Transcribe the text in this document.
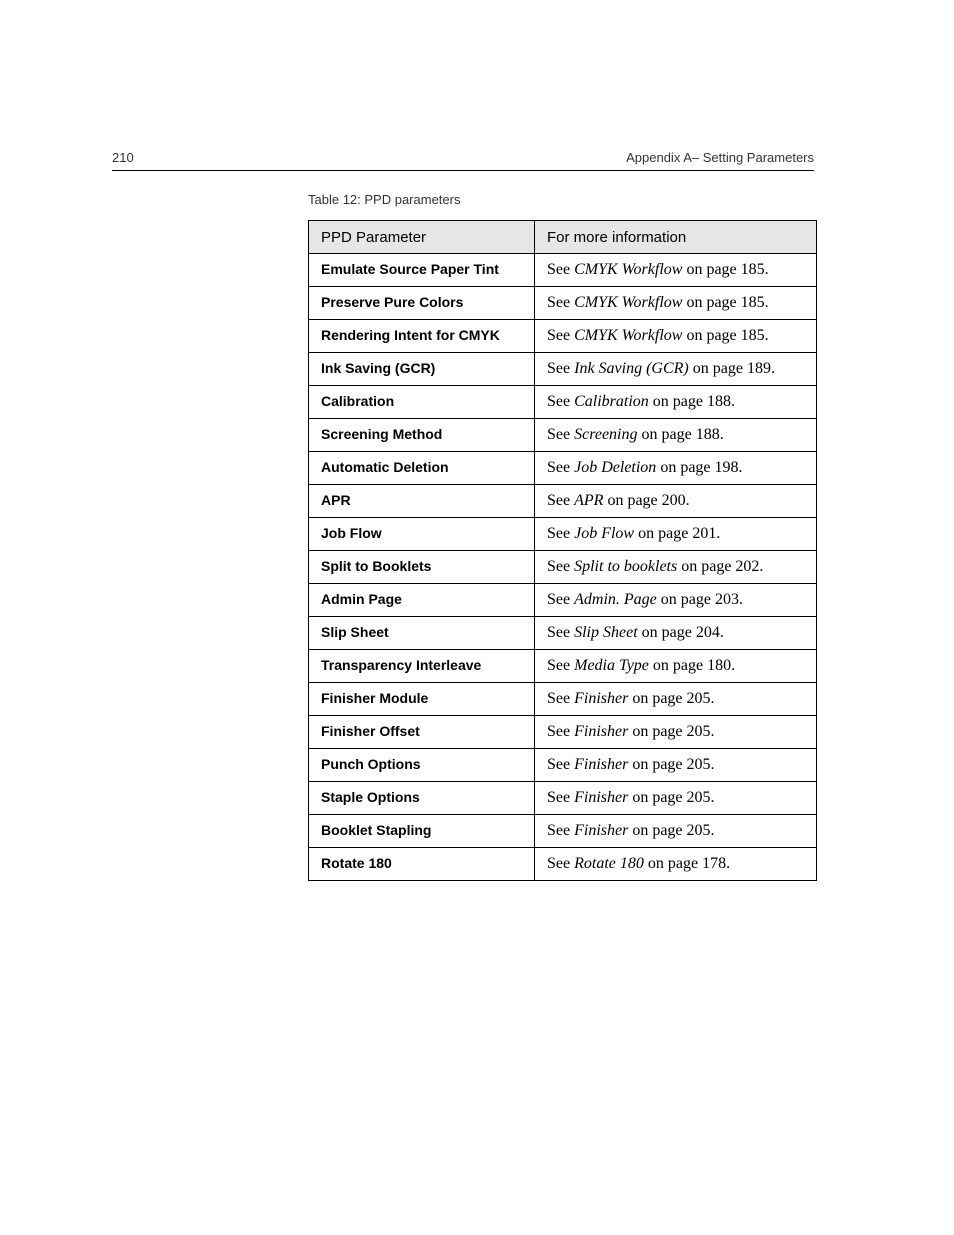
210	Appendix A– Setting Parameters
Table 12: PPD parameters
PPD Parameter	For more information
Emulate Source Paper Tint	See CMYK Workflow on page 185.
Preserve Pure Colors	See CMYK Workflow on page 185.
Rendering Intent for CMYK	See CMYK Workflow on page 185.
Ink Saving (GCR)	See Ink Saving (GCR) on page 189.
Calibration	See Calibration on page 188.
Screening Method	See Screening on page 188.
Automatic Deletion	See Job Deletion on page 198.
APR	See APR on page 200.
Job Flow	See Job Flow on page 201.
Split to Booklets	See Split to booklets on page 202.
Admin Page	See Admin. Page on page 203.
Slip Sheet	See Slip Sheet on page 204.
Transparency Interleave	See Media Type on page 180.
Finisher Module	See Finisher on page 205.
Finisher Offset	See Finisher on page 205.
Punch Options	See Finisher on page 205.
Staple Options	See Finisher on page 205.
Booklet Stapling	See Finisher on page 205.
Rotate 180	See Rotate 180 on page 178.
